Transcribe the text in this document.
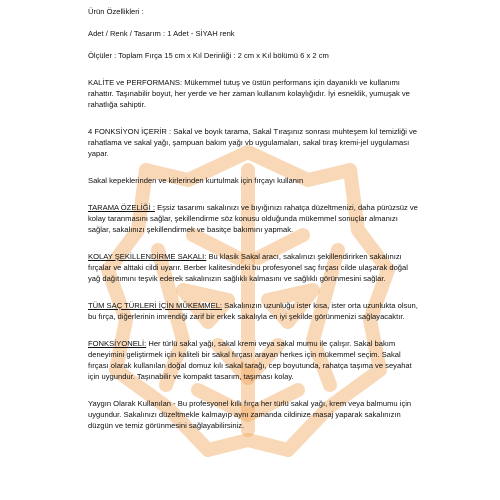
Ürün Özellikleri :

Adet / Renk / Tasarım : 1 Adet - SİYAH renk

Ölçüler : Toplam Fırça 15 cm x Kıl Derinliği : 2 cm x Kıl bölümü 6 x 2 cm

KALİTE ve PERFORMANS: Mükemmel tutuş ve üstün performans için dayanıklı ve kullanımı rahattır. Taşınabilir boyut, her yerde ve her zaman kullanım kolaylığıdır. İyi esneklik, yumuşak ve rahatlığa sahiptir.

4 FONKSİYON İÇERİR : Sakal ve boyık tarama, Sakal Tıraşınız sonrası muhteşem kıl temizliği ve rahatlama ve sakal yağı, şampuan bakım yağı vb uygulamaları, sakal tıraş kremi-jel uygulaması yapar.

Sakal kepeklerinden ve kirlerinden kurtulmak için fırçayı kullanın

TARAMA ÖZELİĞİ : Eşsiz tasarımı sakalınızı ve bıyığınızı rahatça düzeltmenizi, daha pürüzsüz ve kolay taranmasını sağlar, şekillendirme söz konusu olduğunda mükemmel sonuçlar almanızı sağlar, sakalınızı şekillendirmek ve basitçe bakımını yapmak.

KOLAY ŞEKİLLENDİRME SAKALI: Bu klasik Sakal aracı, sakalınızı şekillendirirken sakalınızı fırçalar ve alttaki cildi uyarır. Berber kalitesindeki bu profesyonel saç fırçası cilde ulaşarak doğal yağ dağıtımını teşvik ederek sakalınızın sağlıklı kalmasını ve sağlıklı görünmesini sağlar.

TÜM SAÇ TÜRLERİ İÇİN MÜKEMMEL: Sakalınızın uzunluğu ister kısa, ister orta uzunlukta olsun, bu fırça, diğerlerinin imrendiği zarif bir erkek sakalıyla en iyi şekilde görünmenizi sağlayacaktır.

FONKSİYONELİ: Her türlü sakal yağı, sakal kremi veya sakal mumu ile çalışır. Sakal bakım deneyimini geliştirmek için kaliteli bir sakal fırçası arayan herkes için mükemmel seçim. Sakal fırçası olarak kullanılan doğal domuz kılı sakal tarağı, cep boyutunda, rahatça taşıma ve seyahat için uygundur. Taşınabilir ve kompakt tasarım, taşıması kolay.

Yaygın Olarak Kullanılan - Bu profesyonel kıllı fırça her türlü sakal yağı, krem veya balmumu için uygundur. Sakalınızı düzeltmekle kalmayıp aynı zamanda cildinize masaj yaparak sakalınızın düzgün ve temiz görünmesini sağlayabilirsiniz.
